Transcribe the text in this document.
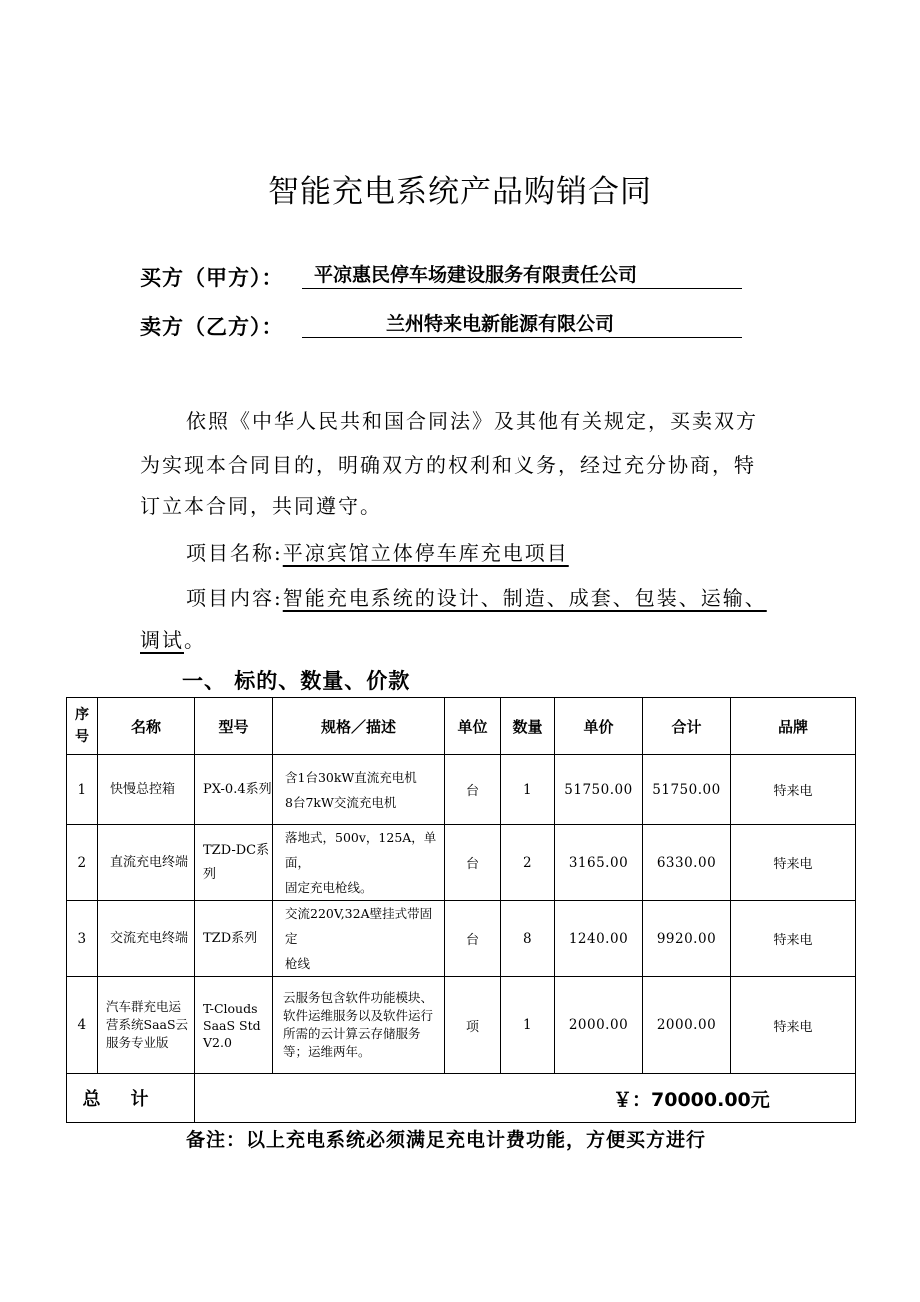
智能充电系统产品购销合同
买方（甲方）：	平凉惠民停车场建设服务有限责任公司
卖方（乙方）：	兰州特来电新能源有限公司
依照《中华人民共和国合同法》及其他有关规定，买卖双方
为实现本合同目的，明确双方的权利和义务，经过充分协商，特
订立本合同，共同遵守。
项目名称:平凉宾馆立体停车库充电项目
项目内容:智能充电系统的设计、制造、成套、包装、运输、
调试。
一、 标的、数量、价款
序号	名称	型号	规格／描述	单位	数量	单价	合计	品牌
1	快慢总控箱	PX-0.4系列	含1台30kW直流充电机
8台7kW交流充电机	台	1	51750.00	51750.00	特来电
2	直流充电终端	TZD-DC系列	落地式，500v，125A，单面，
固定充电枪线。	台	2	3165.00	6330.00	特来电
3	交流充电终端	TZD系列	交流220V,32A壁挂式带固定
枪线	台	8	1240.00	9920.00	特来电
4	汽车群充电运营系统SaaS云服务专业版	T-Clouds SaaS Std V2.0	云服务包含软件功能模块、软件运维服务以及软件运行所需的云计算云存储服务等；运维两年。	项	1	2000.00	2000.00	特来电
总计		￥：70000.00元						
备注：以上充电系统必须满足充电计费功能，方便买方进行
